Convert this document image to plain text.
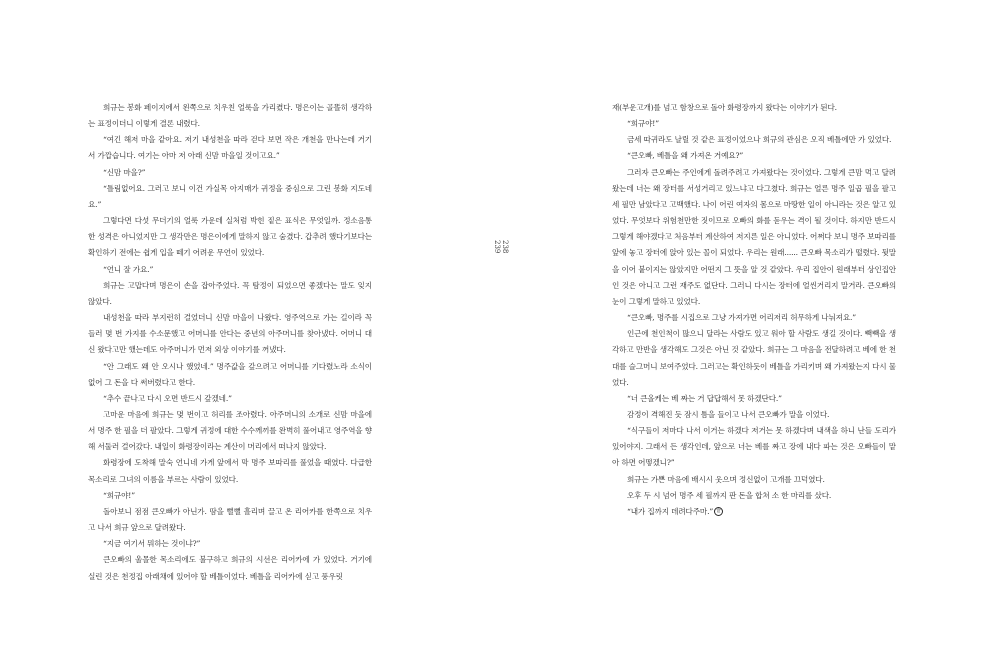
희규는 봉화 페이지에서 왼쪽으로 치우친 얼룩을 가리켰다. 명은이는 골똘히 생각하는 표정이더니 이렇게 결론 내렸다.

“여긴 해저 마을 같아요. 저기 내성천을 따라 걷다 보면 작은 개천을 만나는데 거기서 가깝습니다. 여기는 아마 저 아래 신맘 마을일 것이고요.”

“신맘 마을?”

“틀림없어요. 그러고 보니 이건 가실목 아지매가 귀정을 중심으로 그린 봉화 지도네요.”

그렇다면 다섯 무더기의 얼룩 가운데 실처럼 박힌 짙은 표식은 무엇일까. 정소음통한 성격은 아니었지만 그 생각만은 명은이에게 말하지 않고 숨겼다. 갑추려 했다기보다는 확인하기 전에는 쉽게 입을 떼기 어려운 무언이 있었다.

“언니 잘 가요.”

희규는 고맙다며 명은이 손을 잡아주었다. 꼭 탐정이 되었으면 좋겠다는 말도 잊지 않았다.

내성천을 따라 부지런히 걸었더니 신맘 마을이 나왔다. 영주역으로 가는 길이라 꼭 들러 몇 번 가지를 수소문했고 어머니를 안다는 중년의 아주머니를 찾아냈다. 어머니 대신 왔다고만 했는데도 아주머니가 먼저 외상 이야기를 꺼냈다.

“안 그래도 왜 안 오시나 했었네.” 명주값을 갚으려고 어머니를 기다렸노라 소식이 없어 그 돈을 다 써버렸다고 한다.

“추수 끝나고 다시 오면 반드시 갚겠네.”

고마운 마음에 희규는 몇 번이고 허리를 조아렸다. 아주머니의 소개로 신맘 마을에서 명주 한 필을 더 팔았다. 그렇게 귀정에 대한 수수께끼를 완벽히 풀어내고 영주역을 향해 서둘러 걸어갔다. 내일이 화령장이라는 계산이 머리에서 떠나지 않았다.

화령장에 도착해 말숙 언니네 가게 앞에서 막 명주 보따리를 풀었을 때였다. 다급한 목소리로 그녀의 이름을 부르는 사람이 있었다.

“희규야!”

돌아보니 점점 큰오빠가 아닌가. 땀을 뻘뻘 흘리며 끌고 온 리어카를 한쪽으로 치우고 나서 희규 앞으로 달려왔다.

“지금 여기서 뭐하는 것이냐?”

큰오빠의 울몰한 목소리에도 불구하고 희규의 시선은 리어카에 가 있었다. 거기에 실린 것은 천정집 아래채에 있어야 할 베틀이었다. 베틀을 리어카에 싣고 풍우릿

238
239

재(부운고개)를 넘고 함창으로 돌아 화령장까지 왔다는 이야기가 된다.

“희규야!”

금세 따귀라도 날릴 것 같은 표정이었으나 희규의 관심은 오직 베틀에만 가 있었다.

“큰오빠, 베틀을 왜 가져온 거예요?”

그러자 큰오빠는 주인에게 돌려주려고 가져왔다는 것이었다. 그렇게 큰맘 먹고 달려왔는데 너는 왜 장터를 서성거리고 있느냐고 다그쳤다. 희규는 얼른 명주 일곱 필을 팔고 세 필만 남았다고 고백했다. 나이 어린 여자의 몸으로 마땅한 일이 아니라는 것은 알고 있었다. 무엇보다 위험천만한 짓이므로 오빠의 화를 돋우는 격이 될 것이다. 하지만 반드시 그렇게 해야겠다고 처음부터 계산하여 저지른 일은 아니었다. 어쩌다 보니 명주 보따리를 앞에 놓고 장터에 앉아 있는 꼴이 되었다. 우리는 원래...... 큰오빠 목소리가 떨렸다. 뒷말을 이어 붙이지는 않았지만 어떤지 그 뜻을 알 것 같았다. 우리 집안이 원래부터 상인집안인 것은 아니고 그런 재주도 없단다. 그러니 다시는 장터에 얼씬거리지 말거라. 큰오빠의 눈이 그렇게 말하고 있었다.

“큰오빠, 명주를 시집으로 그냥 가져가면 어리저리 허무하게 나눠져요.”

인근에 천인척이 많으니 달라는 사람도 있고 워아 할 사람도 생길 것이다. 빽빽을 생각하고 만반을 생각해도 그것은 아닌 것 같았다. 희규는 그 마음을 전달하려고 베에 한 천대를 슬그머니 보여주었다. 그러고는 확인하듯이 베틀을 가리키며 왜 가져왔는지 다시 물었다.

“너 큰올케는 베 짜는 거 답답해서 못 하겠단다.”

감정이 격해진 듯 잠시 틈을 들이고 나서 큰오빠가 말을 이었다.

“식구들이 저마다 나서 이거는 하겠다 저거는 못 하겠다며 내색을 하니 난들 도리가 있어야지. 그래서 든 생각인데, 앞으로 너는 베를 짜고 장에 내다 파는 것은 오빠들이 맡아 하면 어떻겠니?”

희규는 가쁜 마음에 배시시 웃으며 정신없이 고개를 끄덕였다.

오후 두 시 넘어 명주 세 필까지 판 돈을 합쳐 소 한 마리를 샀다.

“내가 집까지 데려다주마.” 끝
